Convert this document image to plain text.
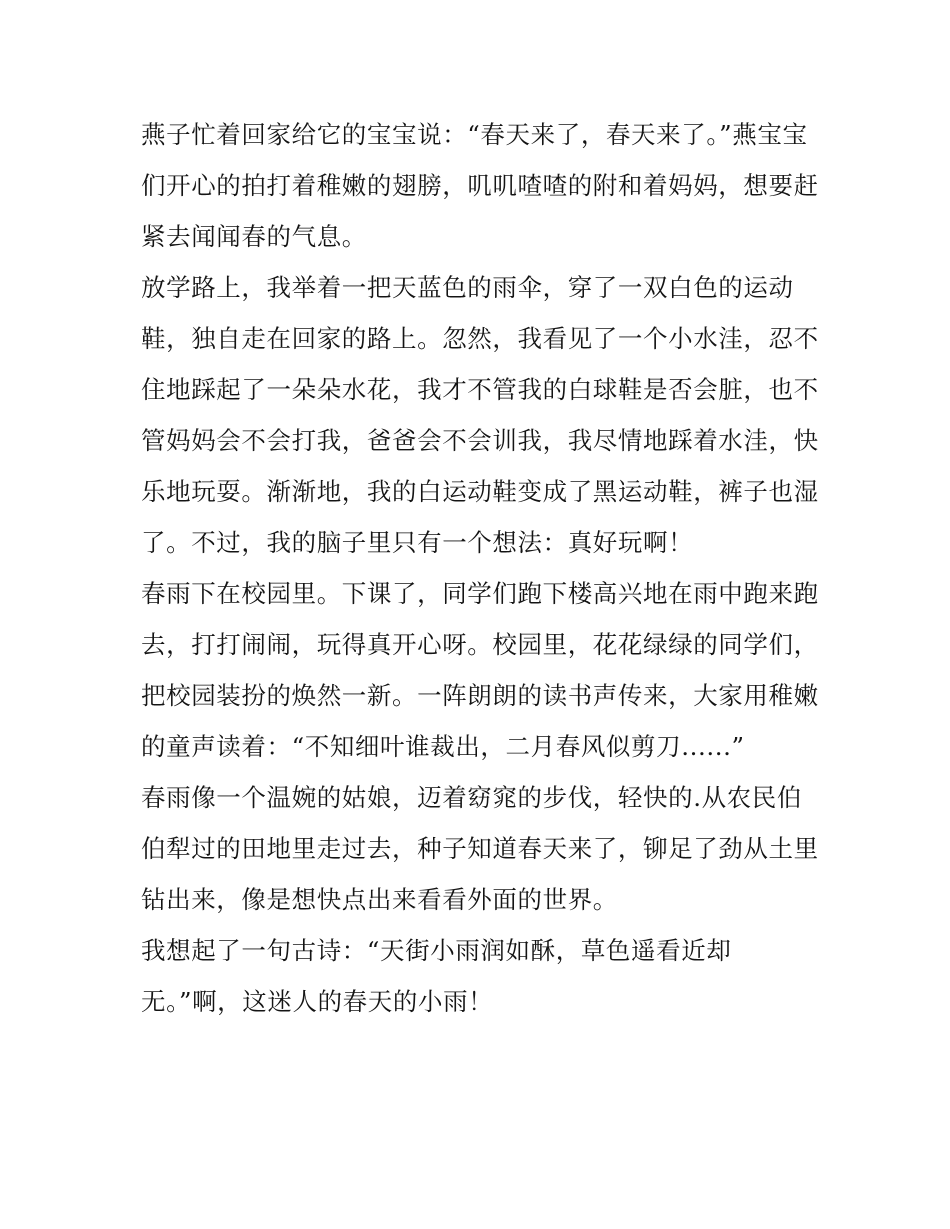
燕子忙着回家给它的宝宝说：“春天来了，春天来了。”燕宝宝
们开心的拍打着稚嫩的翅膀，叽叽喳喳的附和着妈妈，想要赶
紧去闻闻春的气息。
放学路上，我举着一把天蓝色的雨伞，穿了一双白色的运动
鞋，独自走在回家的路上。忽然，我看见了一个小水洼，忍不
住地踩起了一朵朵水花，我才不管我的白球鞋是否会脏，也不
管妈妈会不会打我，爸爸会不会训我，我尽情地踩着水洼，快
乐地玩耍。渐渐地，我的白运动鞋变成了黑运动鞋，裤子也湿
了。不过，我的脑子里只有一个想法：真好玩啊！
春雨下在校园里。下课了，同学们跑下楼高兴地在雨中跑来跑
去，打打闹闹，玩得真开心呀。校园里，花花绿绿的同学们，
把校园装扮的焕然一新。一阵朗朗的读书声传来，大家用稚嫩
的童声读着：“不知细叶谁裁出，二月春风似剪刀......”
春雨像一个温婉的姑娘，迈着窈窕的步伐，轻快的.从农民伯
伯犁过的田地里走过去，种子知道春天来了，铆足了劲从土里
钻出来，像是想快点出来看看外面的世界。
我想起了一句古诗：“天街小雨润如酥，草色遥看近却
无。”啊，这迷人的春天的小雨！
